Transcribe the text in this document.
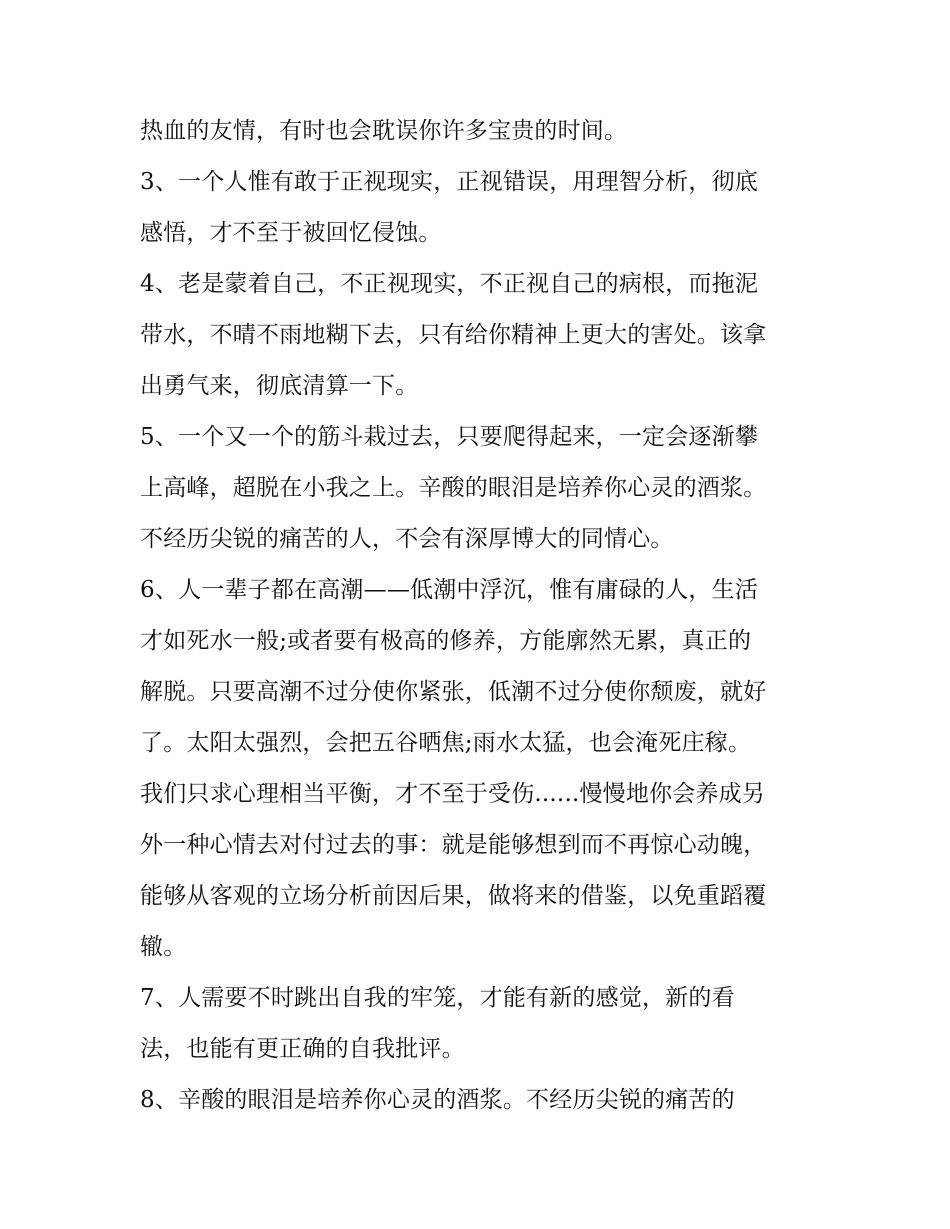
热血的友情，有时也会耽误你许多宝贵的时间。
3、一个人惟有敢于正视现实，正视错误，用理智分析，彻底
感悟，才不至于被回忆侵蚀。
4、老是蒙着自己，不正视现实，不正视自己的病根，而拖泥
带水，不晴不雨地糊下去，只有给你精神上更大的害处。该拿
出勇气来，彻底清算一下。
5、一个又一个的筋斗栽过去，只要爬得起来，一定会逐渐攀
上高峰，超脱在小我之上。辛酸的眼泪是培养你心灵的酒浆。
不经历尖锐的痛苦的人，不会有深厚博大的同情心。
6、人一辈子都在高潮——低潮中浮沉，惟有庸碌的人，生活
才如死水一般;或者要有极高的修养，方能廓然无累，真正的
解脱。只要高潮不过分使你紧张，低潮不过分使你颓废，就好
了。太阳太强烈，会把五谷晒焦;雨水太猛，也会淹死庄稼。
我们只求心理相当平衡，才不至于受伤......慢慢地你会养成另
外一种心情去对付过去的事：就是能够想到而不再惊心动魄，
能够从客观的立场分析前因后果，做将来的借鉴，以免重蹈覆
辙。
7、人需要不时跳出自我的牢笼，才能有新的感觉，新的看
法，也能有更正确的自我批评。
8、辛酸的眼泪是培养你心灵的酒浆。不经历尖锐的痛苦的
